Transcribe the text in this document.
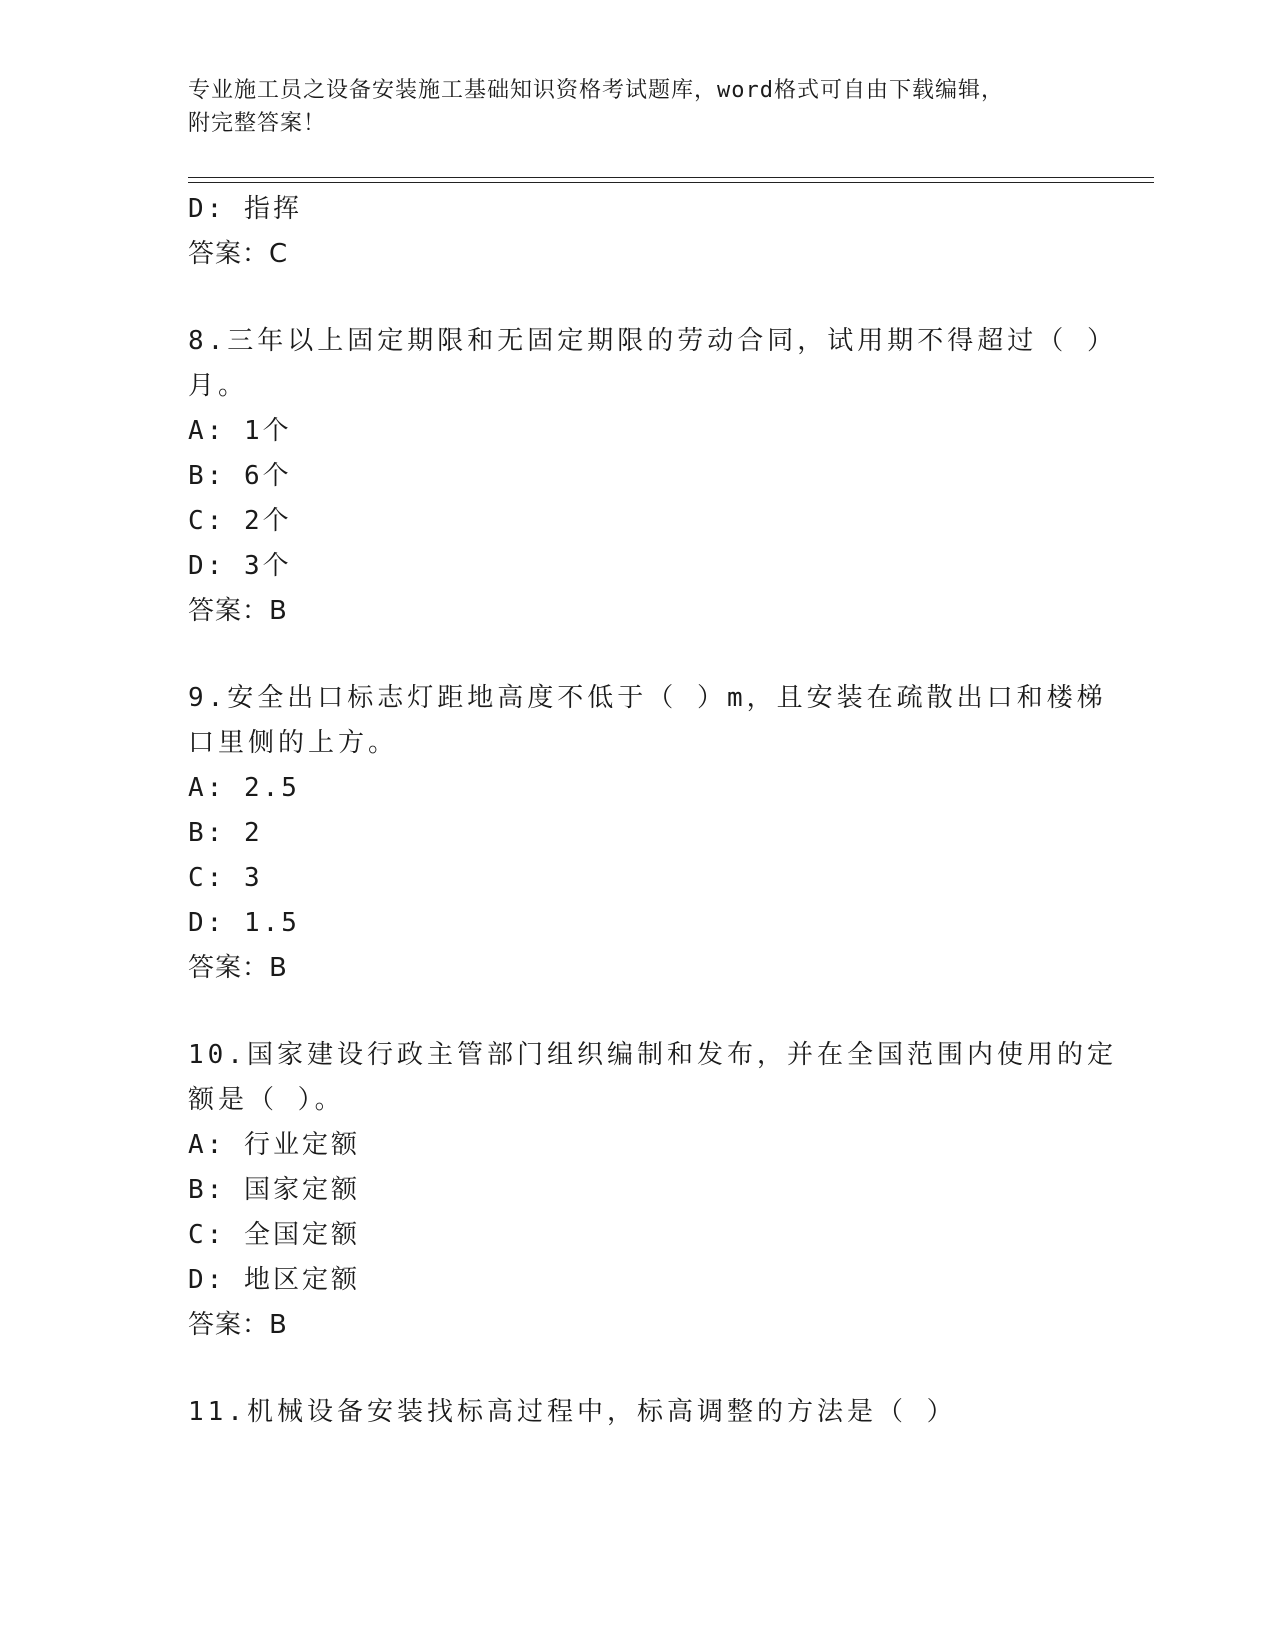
专业施工员之设备安装施工基础知识资格考试题库，word格式可自由下载编辑，
附完整答案！
D: 指挥
答案：C
8.三年以上固定期限和无固定期限的劳动合同，试用期不得超过（ ）
月。
A: 1个
B: 6个
C: 2个
D: 3个
答案：B
9.安全出口标志灯距地高度不低于（ ）m，且安装在疏散出口和楼梯
口里侧的上方。
A: 2.5
B: 2
C: 3
D: 1.5
答案：B
10.国家建设行政主管部门组织编制和发布，并在全国范围内使用的定
额是（ ）。
A: 行业定额
B: 国家定额
C: 全国定额
D: 地区定额
答案：B
11.机械设备安装找标高过程中，标高调整的方法是（ ）
